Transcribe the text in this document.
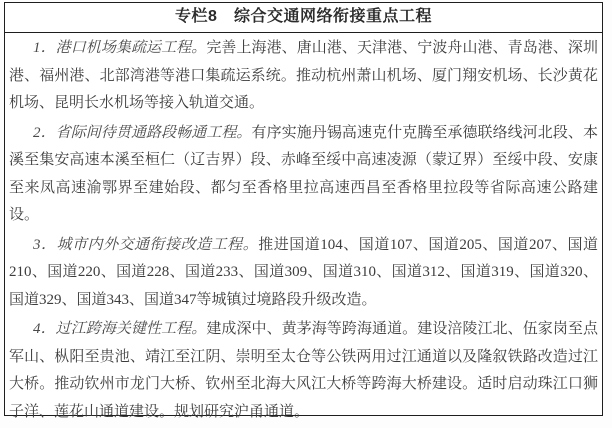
专栏8　综合交通网络衔接重点工程

1．港口机场集疏运工程。完善上海港、唐山港、天津港、宁波舟山港、青岛港、深圳港、福州港、北部湾港等港口集疏运系统。推动杭州萧山机场、厦门翔安机场、长沙黄花机场、昆明长水机场等接入轨道交通。

2．省际间待贯通路段畅通工程。有序实施丹锡高速克什克腾至承德联络线河北段、本溪至集安高速本溪至桓仁（辽吉界）段、赤峰至绥中高速凌源（蒙辽界）至绥中段、安康至来凤高速渝鄂界至建始段、都匀至香格里拉高速西昌至香格里拉段等省际高速公路建设。

3．城市内外交通衔接改造工程。推进国道104、国道107、国道205、国道207、国道210、国道220、国道228、国道233、国道309、国道310、国道312、国道319、国道320、国道329、国道343、国道347等城镇过境路段升级改造。

4．过江跨海关键性工程。建成深中、黄茅海等跨海通道。建设涪陵江北、伍家岗至点军山、枞阳至贵池、靖江至江阴、崇明至太仓等公铁两用过江通道以及隆叙铁路改造过江大桥。推动钦州市龙门大桥、钦州至北海大风江大桥等跨海大桥建设。适时启动珠江口狮子洋、莲花山通道建设。规划研究沪甬通道。
